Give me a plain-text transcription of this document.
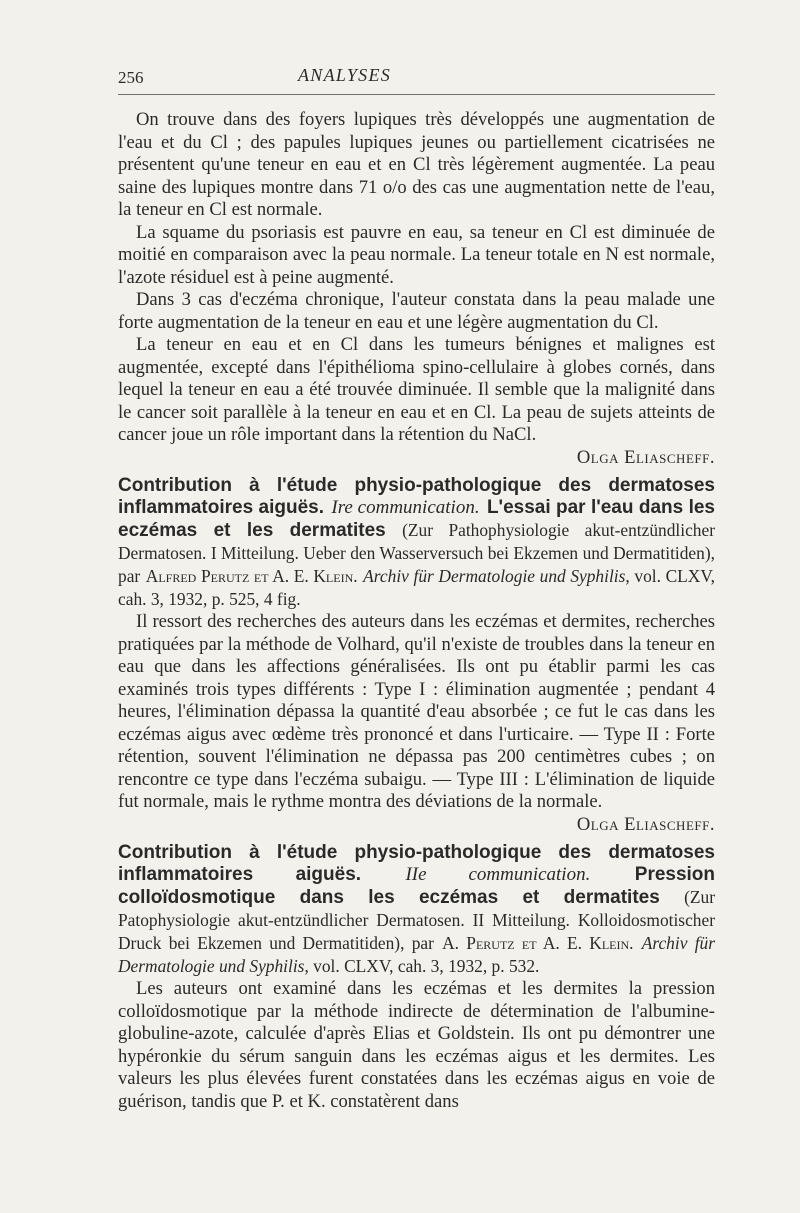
256	ANALYSES

On trouve dans des foyers lupiques très développés une augmentation de l'eau et du Cl ; des papules lupiques jeunes ou partiellement cicatrisées ne présentent qu'une teneur en eau et en Cl très légèrement augmentée. La peau saine des lupiques montre dans 71 o/o des cas une augmentation nette de l'eau, la teneur en Cl est normale.

La squame du psoriasis est pauvre en eau, sa teneur en Cl est diminuée de moitié en comparaison avec la peau normale. La teneur totale en N est normale, l'azote résiduel est à peine augmenté.

Dans 3 cas d'eczéma chronique, l'auteur constata dans la peau malade une forte augmentation de la teneur en eau et une légère augmentation du Cl.

La teneur en eau et en Cl dans les tumeurs bénignes et malignes est augmentée, excepté dans l'épithélioma spino-cellulaire à globes cornés, dans lequel la teneur en eau a été trouvée diminuée. Il semble que la malignité dans le cancer soit parallèle à la teneur en eau et en Cl. La peau de sujets atteints de cancer joue un rôle important dans la rétention du NaCl.

Olga Eliascheff.
Contribution à l'étude physio-pathologique des dermatoses inflammatoires aiguës. Ire communication. L'essai par l'eau dans les eczémas et les dermatites (Zur Pathophysiologie akut-entzündlicher Dermatosen. I Mitteilung. Ueber den Wasserversuch bei Ekzemen und Dermatitiden), par Alfred Perutz et A. E. Klein. Archiv für Dermatologie und Syphilis, vol. CLXV, cah. 3, 1932, p. 525, 4 fig.

Il ressort des recherches des auteurs dans les eczémas et dermites, recherches pratiquées par la méthode de Volhard, qu'il n'existe de troubles dans la teneur en eau que dans les affections généralisées. Ils ont pu établir parmi les cas examinés trois types différents : Type I : élimination augmentée ; pendant 4 heures, l'élimination dépassa la quantité d'eau absorbée ; ce fut le cas dans les eczémas aigus avec œdème très prononcé et dans l'urticaire. — Type II : Forte rétention, souvent l'élimination ne dépassa pas 200 centimètres cubes ; on rencontre ce type dans l'eczéma subaigu. — Type III : L'élimination de liquide fut normale, mais le rythme montra des déviations de la normale.

Olga Eliascheff.
Contribution à l'étude physio-pathologique des dermatoses inflammatoires aiguës. IIe communication. Pression colloïdosmotique dans les eczémas et dermatites (Zur Patophysiologie akut-entzündlicher Dermatosen. II Mitteilung. Kolloidosmotischer Druck bei Ekzemen und Dermatitiden), par A. Perutz et A. E. Klein. Archiv für Dermatologie und Syphilis, vol. CLXV, cah. 3, 1932, p. 532.

Les auteurs ont examiné dans les eczémas et les dermites la pression colloïdosmotique par la méthode indirecte de détermination de l'albumine-globuline-azote, calculée d'après Elias et Goldstein. Ils ont pu démontrer une hypéronkie du sérum sanguin dans les eczémas aigus et les dermites. Les valeurs les plus élevées furent constatées dans les eczémas aigus en voie de guérison, tandis que P. et K. constatèrent dans
